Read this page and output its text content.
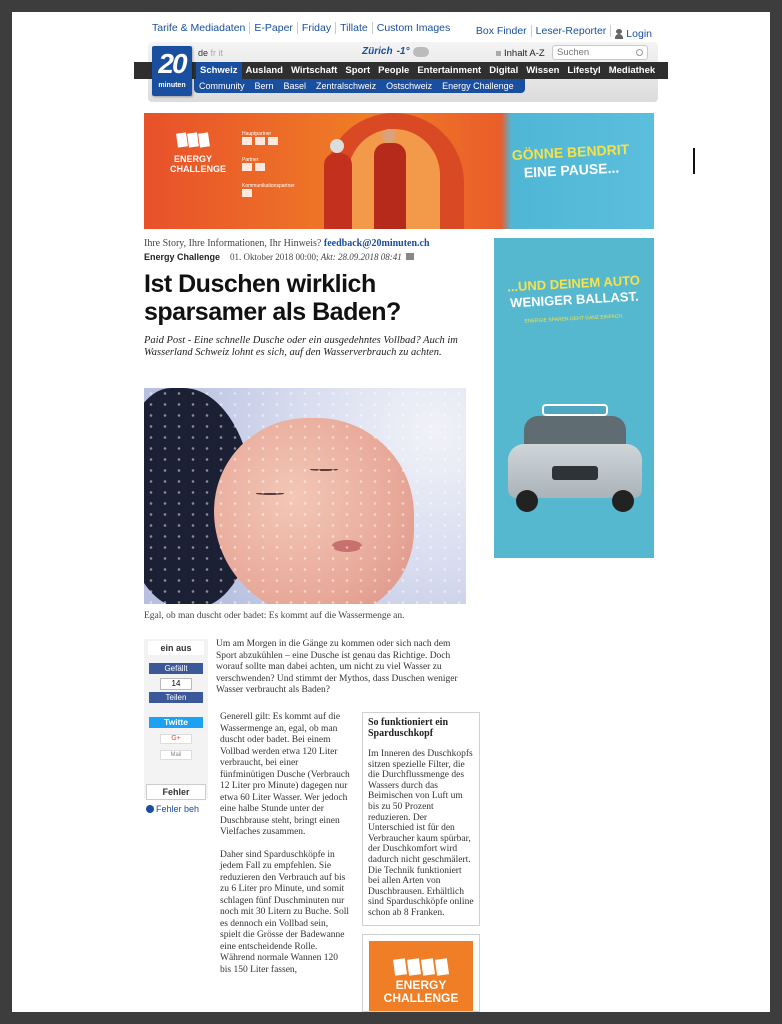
Tarife & Mediadaten E-Paper Friday Tillate Custom Images	Box Finder Leser-Reporter	Login
20
minuten
de fr it	Zürich -1°	Inhalt A-Z
Suchen
Schweiz Ausland Wirtschaft Sport People Entertainment Digital Wissen Lifestyl Mediathek
Community	Bern	Basel	Zentralschweiz	Ostschweiz	Energy Challenge
ENERGY CHALLENGE
Hauptpartner

Partner

Kommunikationspartner

GÖNNE BENDRIT
EINE PAUSE...
Ihre Story, Ihre Informationen, Ihr Hinweis? feedback@20minuten.ch
Energy Challenge 01. Oktober 2018 00:00; Akt: 28.09.2018 08:41
Ist Duschen wirklich sparsamer als Baden?

Paid Post - Eine schnelle Dusche oder ein ausgedehntes Vollbad? Auch im Wasserland Schweiz lohnt es sich, auf den Wasserverbrauch zu achten.

Egal, ob man duscht oder badet: Es kommt auf die Wassermenge an.

...UND DEINEM AUTO
WENIGER BALLAST.
ENERGIE SPAREN GEHT GANZ EINFACH.
ein aus
Gefällt
14
Teilen
Twitte
G+
Mail
Fehler
Fehler beh

Um am Morgen in die Gänge zu kommen oder sich nach dem Sport abzukühlen – eine Dusche ist genau das Richtige. Doch worauf sollte man dabei achten, um nicht zu viel Wasser zu verschwenden? Und stimmt der Mythos, dass Duschen weniger Wasser verbraucht als Baden?

Generell gilt: Es kommt auf die Wassermenge an, egal, ob man duscht oder badet. Bei einem Vollbad werden etwa 120 Liter verbraucht, bei einer fünfminütigen Dusche (Verbrauch 12 Liter pro Minute) dagegen nur etwa 60 Liter Wasser. Wer jedoch eine halbe Stunde unter der Duschbrause steht, bringt einen Vielfaches zusammen.

Daher sind Sparduschköpfe in jedem Fall zu empfehlen. Sie reduzieren den Verbrauch auf bis zu 6 Liter pro Minute, und somit schlagen fünf Duschminuten nur noch mit 30 Litern zu Buche. Soll es dennoch ein Vollbad sein, spielt die Grösse der Badewanne eine entscheidende Rolle. Während normale Wannen 120 bis 150 Liter fassen,

So funktioniert ein Sparduschkopf

Im Inneren des Duschkopfs sitzen spezielle Filter, die die Durchflussmenge des Wassers durch das Beimischen von Luft um bis zu 50 Prozent reduzieren. Der Unterschied ist für den Verbraucher kaum spürbar, der Duschkomfort wird dadurch nicht geschmälert. Die Technik funktioniert bei allen Arten von Duschbrausen. Erhältlich sind Sparduschköpfe online schon ab 8 Franken.

ENERGY CHALLENGE
